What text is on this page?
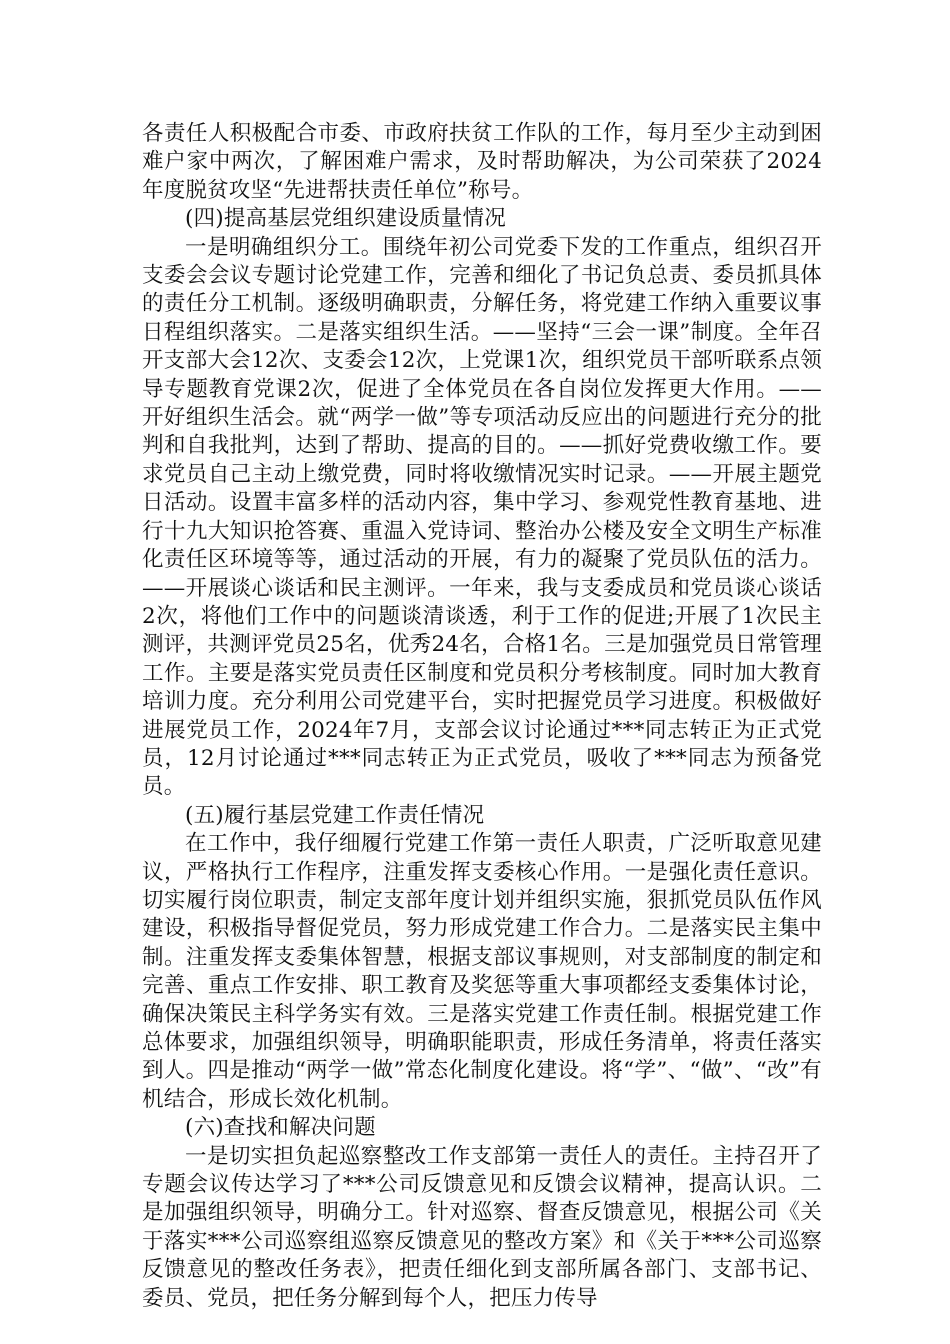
各责任人积极配合市委、市政府扶贫工作队的工作，每月至少主动到困难户家中两次，了解困难户需求，及时帮助解决，为公司荣获了2024年度脱贫攻坚“先进帮扶责任单位”称号。

(四)提高基层党组织建设质量情况

一是明确组织分工。围绕年初公司党委下发的工作重点，组织召开支委会会议专题讨论党建工作，完善和细化了书记负总责、委员抓具体的责任分工机制。逐级明确职责，分解任务，将党建工作纳入重要议事日程组织落实。二是落实组织生活。——坚持“三会一课”制度。全年召开支部大会12次、支委会12次，上党课1次，组织党员干部听联系点领导专题教育党课2次，促进了全体党员在各自岗位发挥更大作用。——开好组织生活会。就“两学一做”等专项活动反应出的问题进行充分的批判和自我批判，达到了帮助、提高的目的。——抓好党费收缴工作。要求党员自己主动上缴党费，同时将收缴情况实时记录。——开展主题党日活动。设置丰富多样的活动内容，集中学习、参观党性教育基地、进行十九大知识抢答赛、重温入党诗词、整治办公楼及安全文明生产标准化责任区环境等等，通过活动的开展，有力的凝聚了党员队伍的活力。——开展谈心谈话和民主测评。一年来，我与支委成员和党员谈心谈话2次，将他们工作中的问题谈清谈透，利于工作的促进;开展了1次民主测评，共测评党员25名，优秀24名，合格1名。三是加强党员日常管理工作。主要是落实党员责任区制度和党员积分考核制度。同时加大教育培训力度。充分利用公司党建平台，实时把握党员学习进度。积极做好进展党员工作，2024年7月，支部会议讨论通过***同志转正为正式党员，12月讨论通过***同志转正为正式党员，吸收了***同志为预备党员。

(五)履行基层党建工作责任情况

在工作中，我仔细履行党建工作第一责任人职责，广泛听取意见建议，严格执行工作程序，注重发挥支委核心作用。一是强化责任意识。切实履行岗位职责，制定支部年度计划并组织实施，狠抓党员队伍作风建设，积极指导督促党员，努力形成党建工作合力。二是落实民主集中制。注重发挥支委集体智慧，根据支部议事规则，对支部制度的制定和完善、重点工作安排、职工教育及奖惩等重大事项都经支委集体讨论，确保决策民主科学务实有效。三是落实党建工作责任制。根据党建工作总体要求，加强组织领导，明确职能职责，形成任务清单，将责任落实到人。四是推动“两学一做”常态化制度化建设。将“学”、“做”、“改”有机结合，形成长效化机制。

(六)查找和解决问题

一是切实担负起巡察整改工作支部第一责任人的责任。主持召开了专题会议传达学习了***公司反馈意见和反馈会议精神，提高认识。二是加强组织领导，明确分工。针对巡察、督查反馈意见，根据公司《关于落实***公司巡察组巡察反馈意见的整改方案》和《关于***公司巡察反馈意见的整改任务表》，把责任细化到支部所属各部门、支部书记、委员、党员，把任务分解到每个人，把压力传导
